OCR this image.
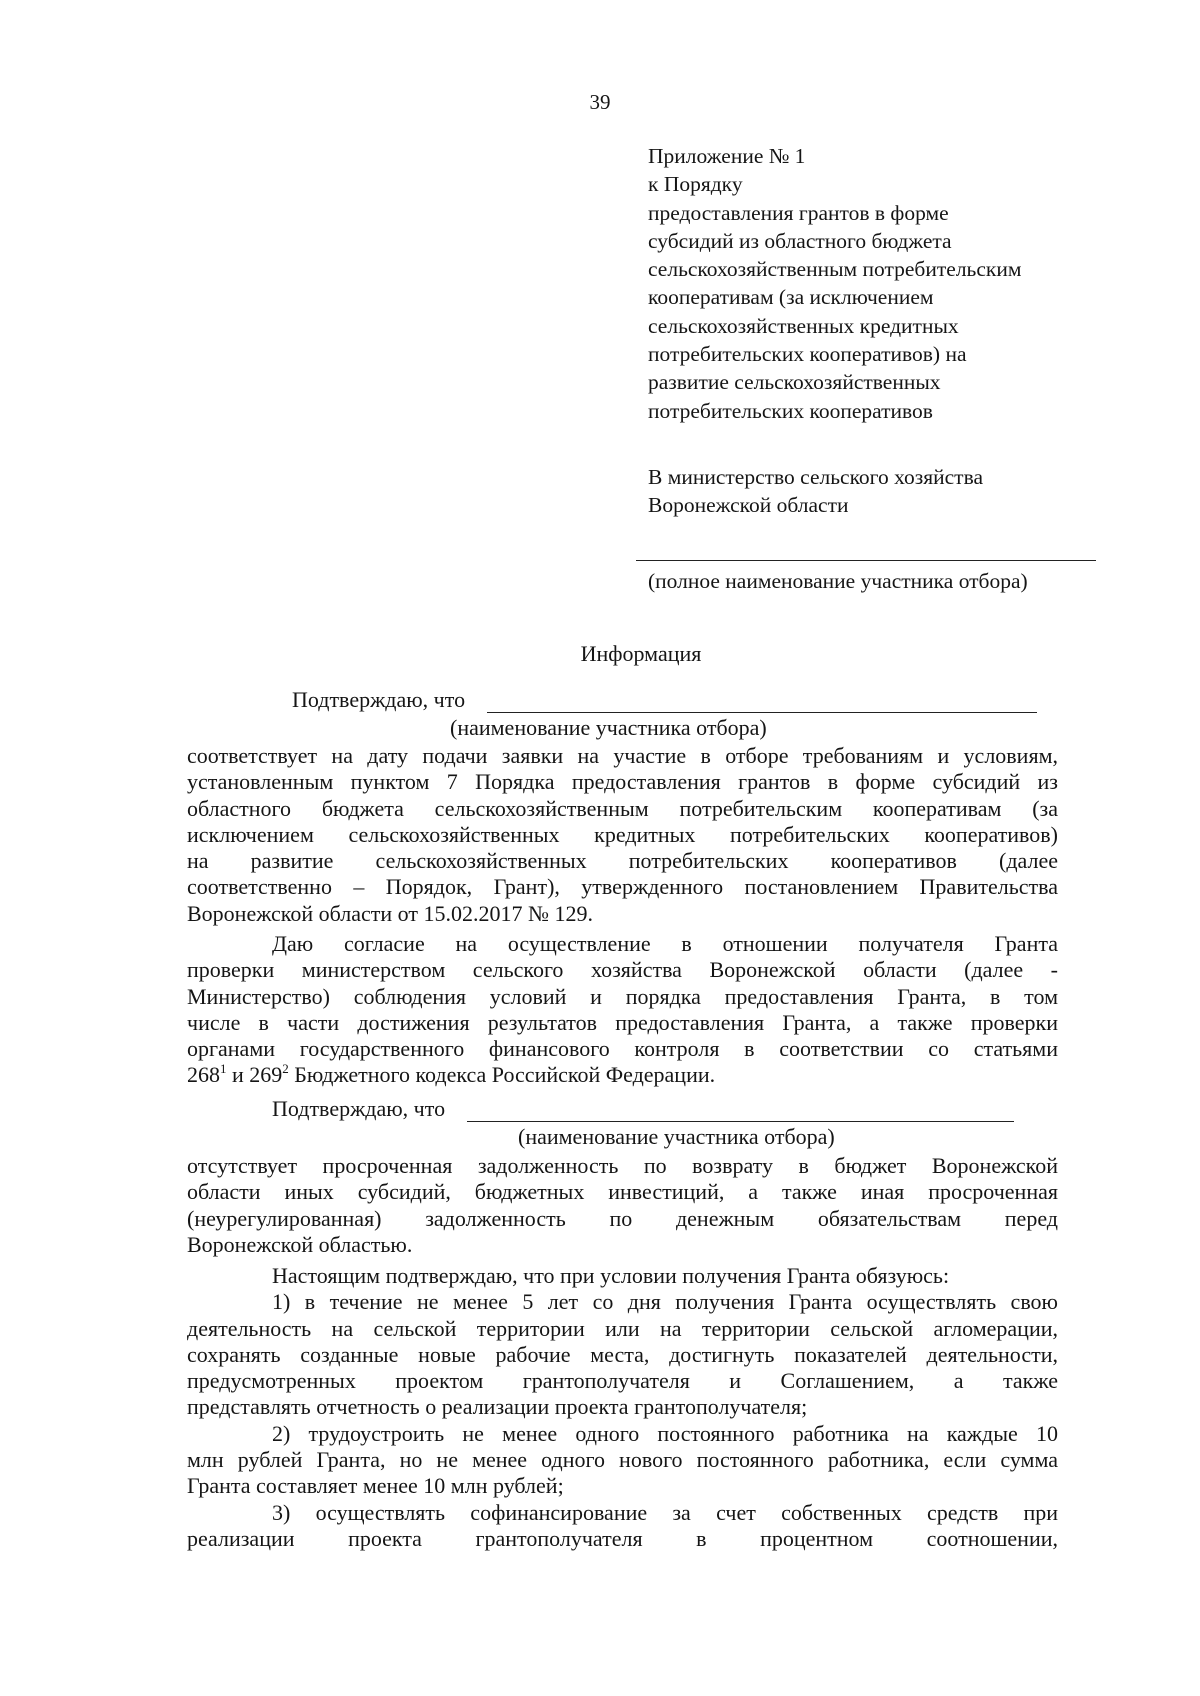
39
Приложение № 1
к Порядку
предоставления грантов в форме
субсидий из областного бюджета
сельскохозяйственным потребительским
кооперативам (за исключением
сельскохозяйственных кредитных
потребительских кооперативов) на
развитие сельскохозяйственных
потребительских кооперативов
В министерство сельского хозяйства
Воронежской области
(полное наименование участника отбора)
Информация
Подтверждаю, что
(наименование участника отбора)
соответствует на дату подачи заявки на участие в отборе требованиям и условиям,
установленным пунктом 7 Порядка предоставления грантов в форме субсидий из
областного бюджета сельскохозяйственным потребительским кооперативам (за
исключением сельскохозяйственных кредитных потребительских кооперативов)
на развитие сельскохозяйственных потребительских кооперативов (далее
соответственно – Порядок, Грант), утвержденного постановлением Правительства
Воронежской области от 15.02.2017 № 129.
Даю согласие на осуществление в отношении получателя Гранта
проверки министерством сельского хозяйства Воронежской области (далее -
Министерство) соблюдения условий и порядка предоставления Гранта, в том
числе в части достижения результатов предоставления Гранта, а также проверки
органами государственного финансового контроля в соответствии со статьями
$268^1$ и $269^2$ Бюджетного кодекса Российской Федерации.
Подтверждаю, что
(наименование участника отбора)
отсутствует просроченная задолженность по возврату в бюджет Воронежской
области иных субсидий, бюджетных инвестиций, а также иная просроченная
(неурегулированная) задолженность по денежным обязательствам перед
Воронежской областью.
Настоящим подтверждаю, что при условии получения Гранта обязуюсь:
1) в течение не менее 5 лет со дня получения Гранта осуществлять свою
деятельность на сельской территории или на территории сельской агломерации,
сохранять созданные новые рабочие места, достигнуть показателей деятельности,
предусмотренных проектом грантополучателя и Соглашением, а также
представлять отчетность о реализации проекта грантополучателя;
2) трудоустроить не менее одного постоянного работника на каждые 10
млн рублей Гранта, но не менее одного нового постоянного работника, если сумма
Гранта составляет менее 10 млн рублей;
3) осуществлять софинансирование за счет собственных средств при
реализации проекта грантополучателя в процентном соотношении,
